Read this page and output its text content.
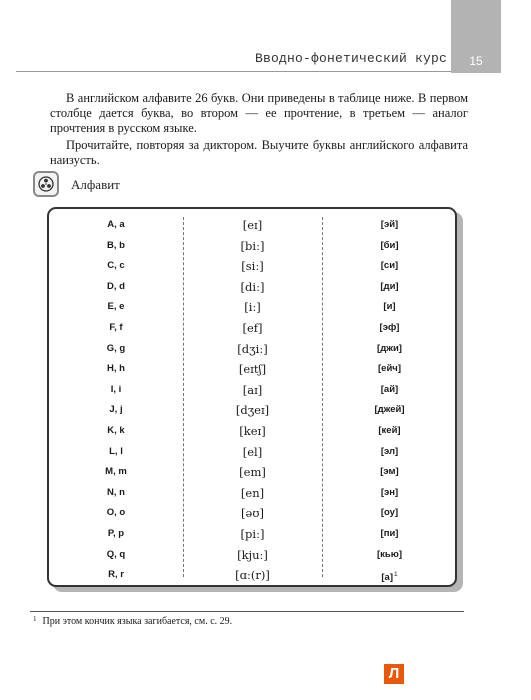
Вводно-фонетический курс	15

В английском алфавите 26 букв. Они приведены в таблице ниже. В первом столбце дается буква, во втором — ее прочтение, в третьем — аналог прочтения в русском языке.

Прочитайте, повторяя за диктором. Выучите буквы английского алфавита наизусть.

Алфавит
A, a	[eɪ]	[эй]
B, b	[biː]	[би]
C, c	[siː]	[си]
D, d	[diː]	[ди]
E, e	[iː]	[и]
F, f	[ef]	[эф]
G, g	[dʒiː]	[джи]
H, h	[eɪtʃ]	[ейч]
I, i	[aɪ]	[ай]
J, j	[dʒeɪ]	[джей]
K, k	[keɪ]	[кей]
L, l	[el]	[эл]
M, m	[em]	[эм]
N, n	[en]	[эн]
O, o	[əʊ]	[оу]
P, p	[piː]	[пи]
Q, q	[kjuː]	[кью]
R, r	[ɑː(r)]	$[а]^1$
$^1$ При этом кончик языка загибается, см. с. 29.
Л
